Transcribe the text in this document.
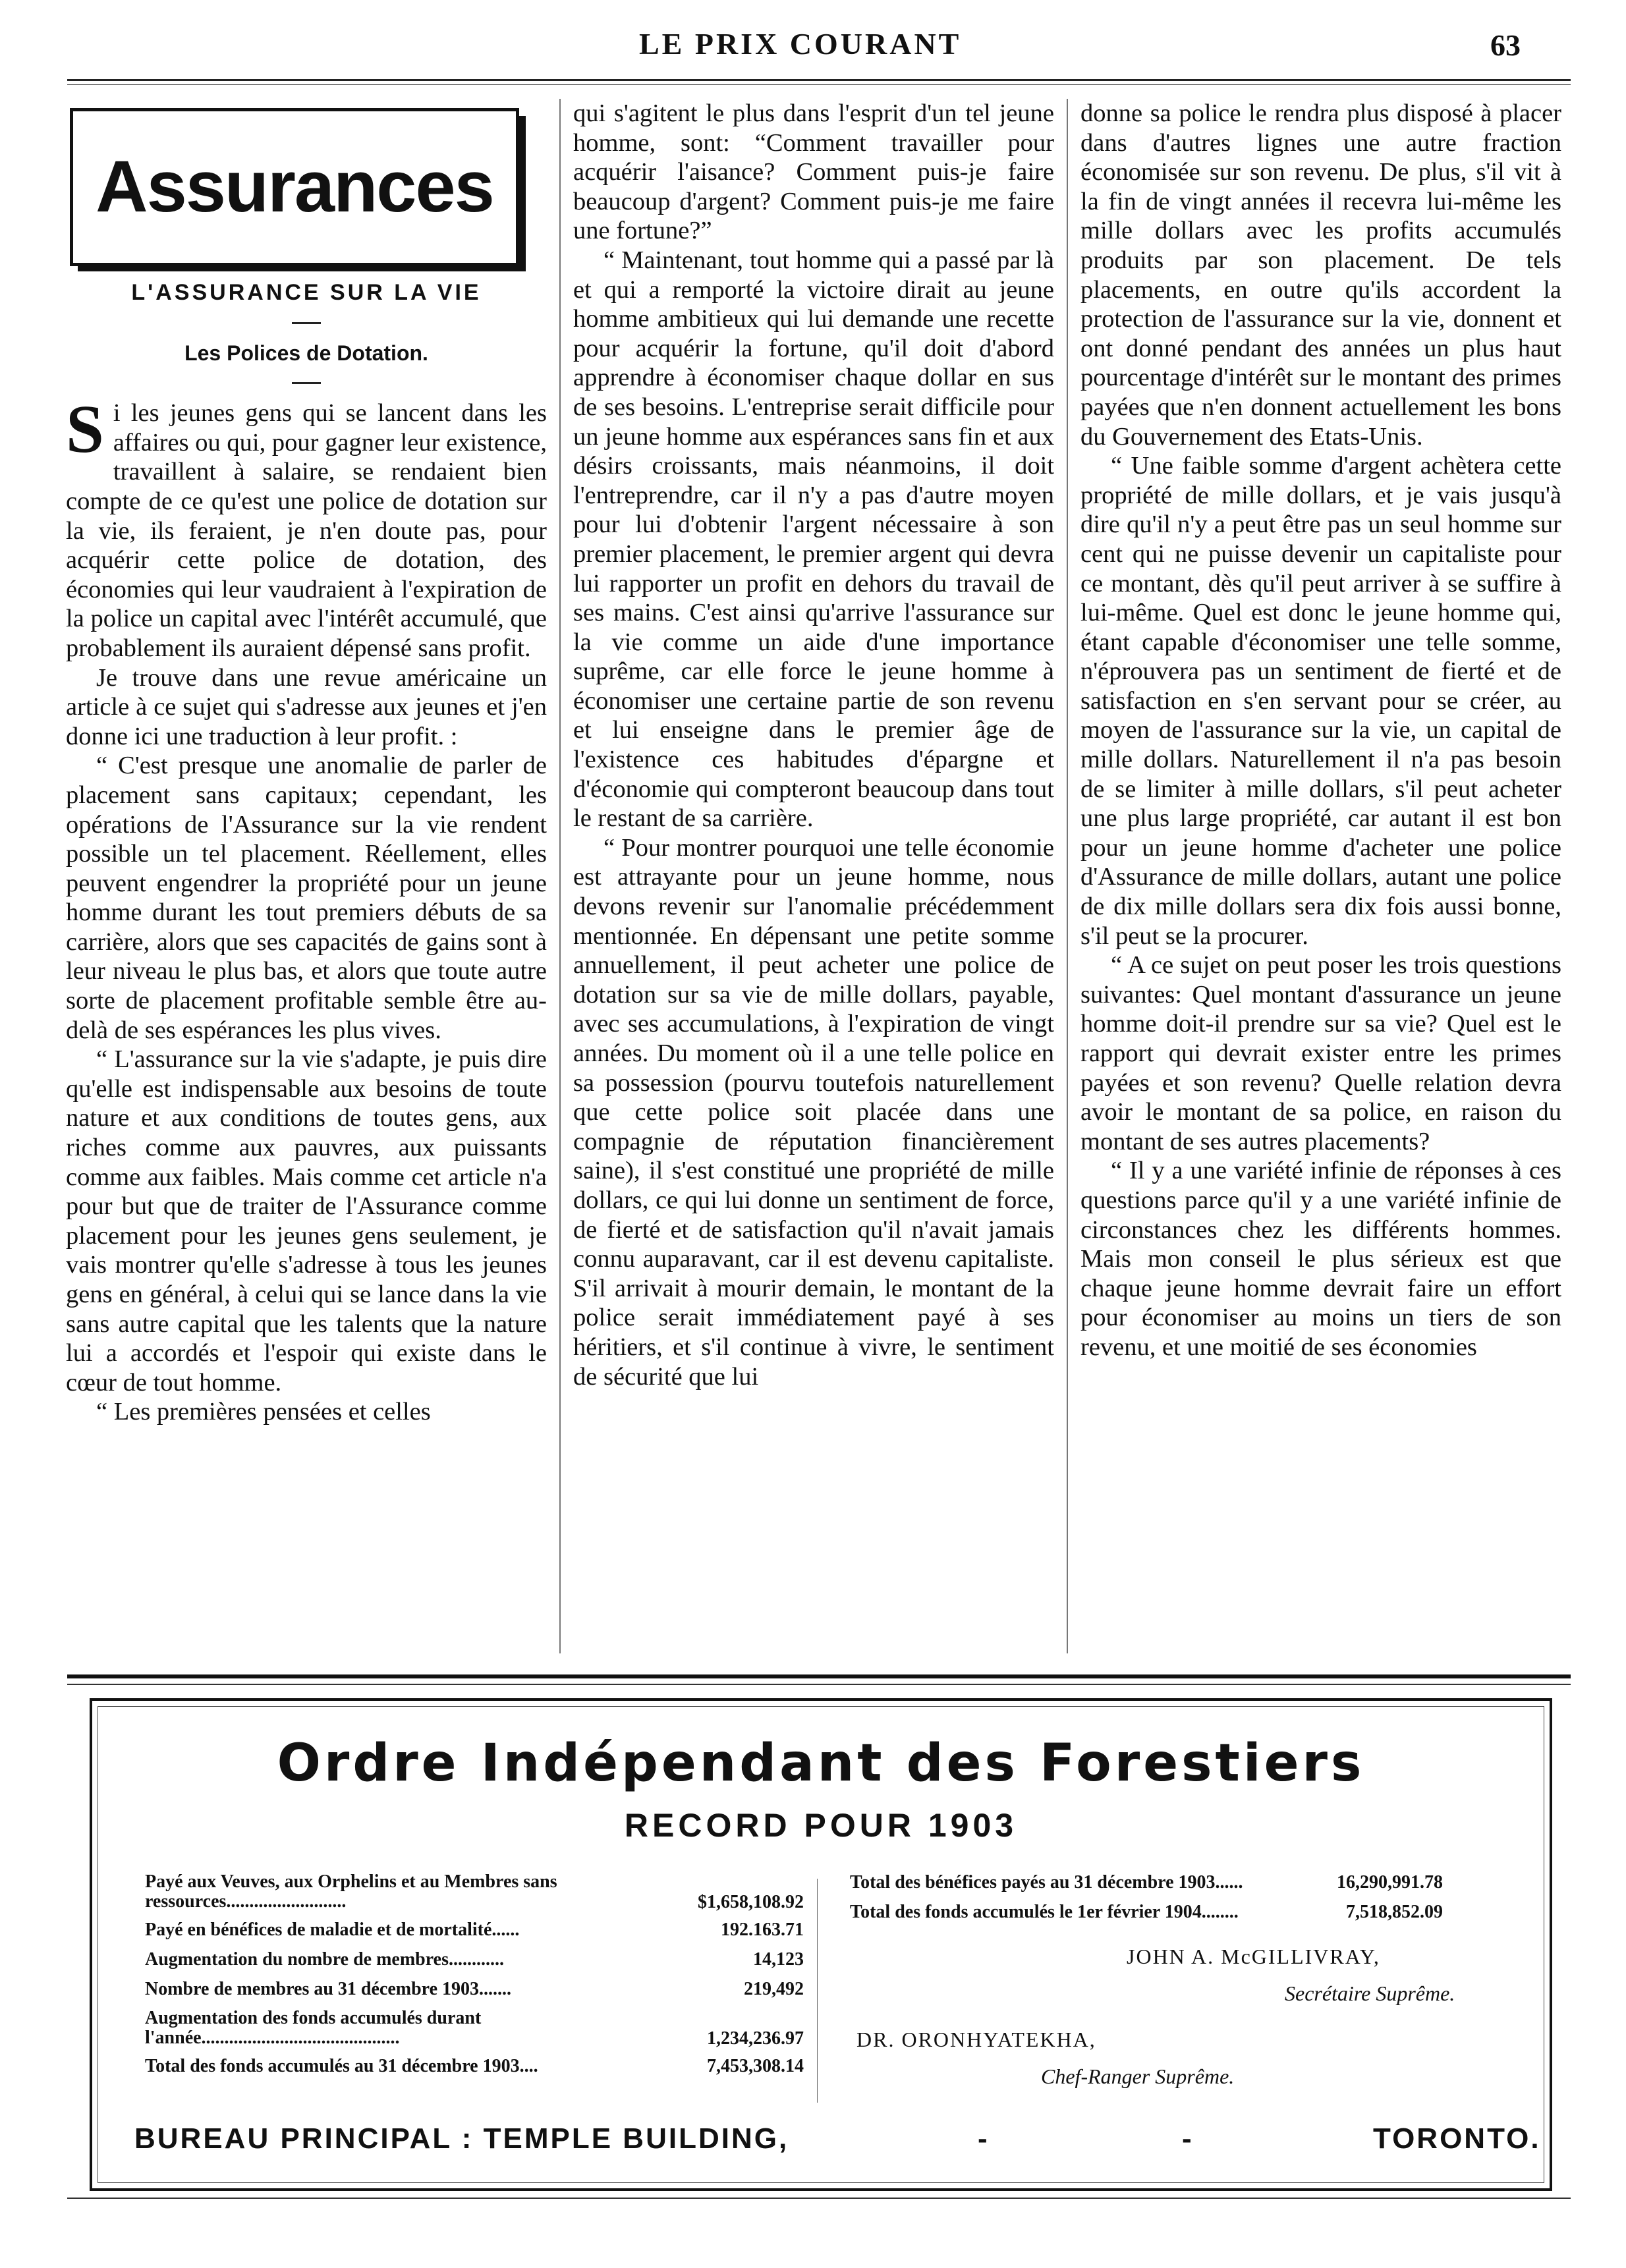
LE PRIX COURANT	63
Assurances

L'ASSURANCE SUR LA VIE

Les Polices de Dotation.

Si les jeunes gens qui se lancent dans les affaires ou qui, pour gagner leur existence, travaillent à salaire, se rendaient bien compte de ce qu'est une police de dotation sur la vie, ils feraient, je n'en doute pas, pour acquérir cette police de dotation, des économies qui leur vaudraient à l'expiration de la police un capital avec l'intérêt accumulé, que probablement ils auraient dépensé sans profit.

Je trouve dans une revue américaine un article à ce sujet qui s'adresse aux jeunes et j'en donne ici une traduction à leur profit. :

“ C'est presque une anomalie de parler de placement sans capitaux; cependant, les opérations de l'Assurance sur la vie rendent possible un tel placement. Réellement, elles peuvent engendrer la propriété pour un jeune homme durant les tout premiers débuts de sa carrière, alors que ses capacités de gains sont à leur niveau le plus bas, et alors que toute autre sorte de placement profitable semble être au-delà de ses espérances les plus vives.

“ L'assurance sur la vie s'adapte, je puis dire qu'elle est indispensable aux besoins de toute nature et aux conditions de toutes gens, aux riches comme aux pauvres, aux puissants comme aux faibles. Mais comme cet article n'a pour but que de traiter de l'Assurance comme placement pour les jeunes gens seulement, je vais montrer qu'elle s'adresse à tous les jeunes gens en général, à celui qui se lance dans la vie sans autre capital que les talents que la nature lui a accordés et l'espoir qui existe dans le cœur de tout homme.

“ Les premières pensées et celles

qui s'agitent le plus dans l'esprit d'un tel jeune homme, sont: “Comment travailler pour acquérir l'aisance? Comment puis-je faire beaucoup d'argent? Comment puis-je me faire une fortune?”

“ Maintenant, tout homme qui a passé par là et qui a remporté la victoire dirait au jeune homme ambitieux qui lui demande une recette pour acquérir la fortune, qu'il doit d'abord apprendre à économiser chaque dollar en sus de ses besoins. L'entreprise serait difficile pour un jeune homme aux espérances sans fin et aux désirs croissants, mais néanmoins, il doit l'entreprendre, car il n'y a pas d'autre moyen pour lui d'obtenir l'argent nécessaire à son premier placement, le premier argent qui devra lui rapporter un profit en dehors du travail de ses mains. C'est ainsi qu'arrive l'assurance sur la vie comme un aide d'une importance suprême, car elle force le jeune homme à économiser une certaine partie de son revenu et lui enseigne dans le premier âge de l'existence ces habitudes d'épargne et d'économie qui compteront beaucoup dans tout le restant de sa carrière.

“ Pour montrer pourquoi une telle économie est attrayante pour un jeune homme, nous devons revenir sur l'anomalie précédemment mentionnée. En dépensant une petite somme annuellement, il peut acheter une police de dotation sur sa vie de mille dollars, payable, avec ses accumulations, à l'expiration de vingt années. Du moment où il a une telle police en sa possession (pourvu toutefois naturellement que cette police soit placée dans une compagnie de réputation financièrement saine), il s'est constitué une propriété de mille dollars, ce qui lui donne un sentiment de force, de fierté et de satisfaction qu'il n'avait jamais connu auparavant, car il est devenu capitaliste. S'il arrivait à mourir demain, le montant de la police serait immédiatement payé à ses héritiers, et s'il continue à vivre, le sentiment de sécurité que lui

donne sa police le rendra plus disposé à placer dans d'autres lignes une autre fraction économisée sur son revenu. De plus, s'il vit à la fin de vingt années il recevra lui-même les mille dollars avec les profits accumulés produits par son placement. De tels placements, en outre qu'ils accordent la protection de l'assurance sur la vie, donnent et ont donné pendant des années un plus haut pourcentage d'intérêt sur le montant des primes payées que n'en donnent actuellement les bons du Gouvernement des Etats-Unis.

“ Une faible somme d'argent achètera cette propriété de mille dollars, et je vais jusqu'à dire qu'il n'y a peut être pas un seul homme sur cent qui ne puisse devenir un capitaliste pour ce montant, dès qu'il peut arriver à se suffire à lui-même. Quel est donc le jeune homme qui, étant capable d'économiser une telle somme, n'éprouvera pas un sentiment de fierté et de satisfaction en s'en servant pour se créer, au moyen de l'assurance sur la vie, un capital de mille dollars. Naturellement il n'a pas besoin de se limiter à mille dollars, s'il peut acheter une plus large propriété, car autant il est bon pour un jeune homme d'acheter une police d'Assurance de mille dollars, autant une police de dix mille dollars sera dix fois aussi bonne, s'il peut se la procurer.

“ A ce sujet on peut poser les trois questions suivantes: Quel montant d'assurance un jeune homme doit-il prendre sur sa vie? Quel est le rapport qui devrait exister entre les primes payées et son revenu? Quelle relation devra avoir le montant de sa police, en raison du montant de ses autres placements?

“ Il y a une variété infinie de réponses à ces questions parce qu'il y a une variété infinie de circonstances chez les différents hommes. Mais mon conseil le plus sérieux est que chaque jeune homme devrait faire un effort pour économiser au moins un tiers de son revenu, et une moitié de ses économies

Ordre Indépendant des Forestiers
RECORD POUR 1903
Payé aux Veuves, aux Orphelins et au Membres sans ressources..........................	$1,658,108.92
Payé en bénéfices de maladie et de mortalité......	192.163.71
Augmentation du nombre de membres............	14,123
Nombre de membres au 31 décembre 1903.......	219,492
Augmentation des fonds accumulés durant l'année...........................................	1,234,236.97
Total des fonds accumulés au 31 décembre 1903....	7,453,308.14
Total des bénéfices payés au 31 décembre 1903......	16,290,991.78
Total des fonds accumulés le 1er février 1904........	7,518,852.09
JOHN A. McGILLIVRAY,
Secrétaire Suprême.
DR. ORONHYATEKHA,
Chef-Ranger Suprême.
BUREAU PRINCIPAL : TEMPLE BUILDING,	-	-	TORONTO.
